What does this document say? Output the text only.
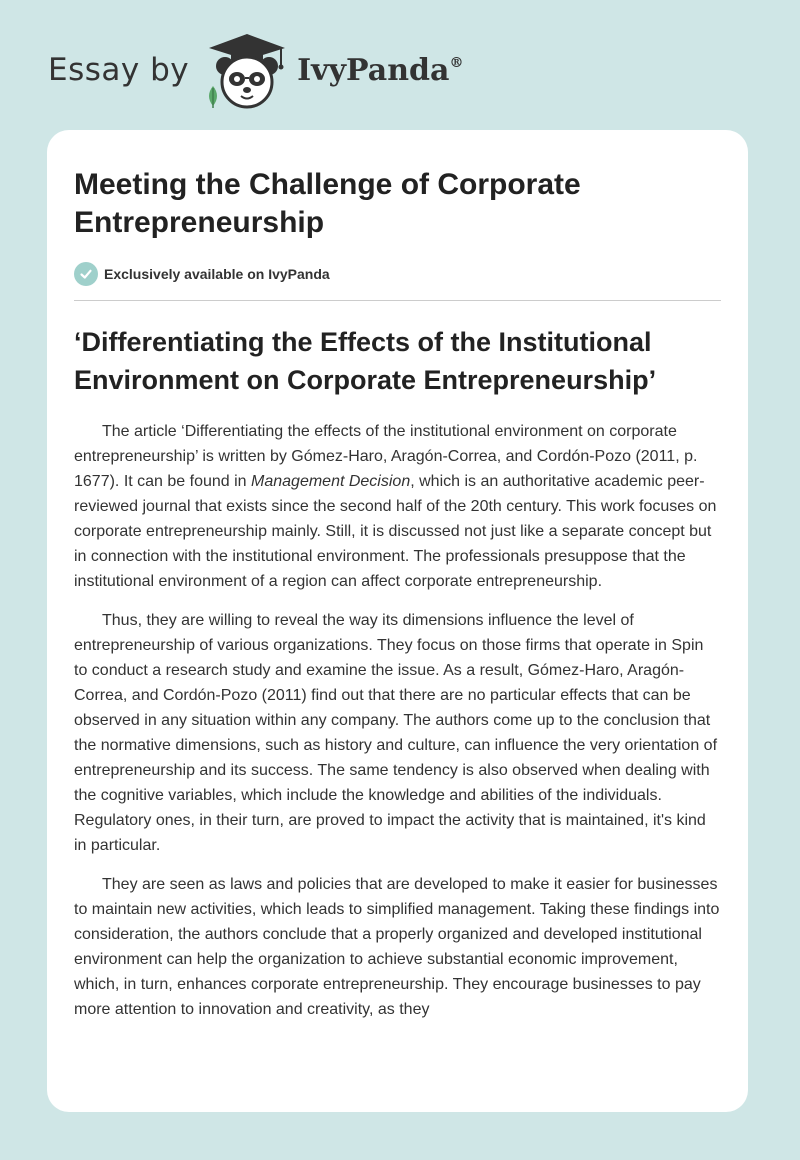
Essay by	IvyPanda®
Meeting the Challenge of Corporate Entrepreneurship
Exclusively available on IvyPanda
‘Differentiating the Effects of the Institutional Environment on Corporate Entrepreneurship’

The article ‘Differentiating the effects of the institutional environment on corporate entrepreneurship’ is written by Gómez-Haro, Aragón-Correa, and Cordón-Pozo (2011, p. 1677). It can be found in Management Decision, which is an authoritative academic peer-reviewed journal that exists since the second half of the 20th century. This work focuses on corporate entrepreneurship mainly. Still, it is discussed not just like a separate concept but in connection with the institutional environment. The professionals presuppose that the institutional environment of a region can affect corporate entrepreneurship.

Thus, they are willing to reveal the way its dimensions influence the level of entrepreneurship of various organizations. They focus on those firms that operate in Spin to conduct a research study and examine the issue. As a result, Gómez-Haro, Aragón-Correa, and Cordón-Pozo (2011) find out that there are no particular effects that can be observed in any situation within any company. The authors come up to the conclusion that the normative dimensions, such as history and culture, can influence the very orientation of entrepreneurship and its success. The same tendency is also observed when dealing with the cognitive variables, which include the knowledge and abilities of the individuals. Regulatory ones, in their turn, are proved to impact the activity that is maintained, it's kind in particular.

They are seen as laws and policies that are developed to make it easier for businesses to maintain new activities, which leads to simplified management. Taking these findings into consideration, the authors conclude that a properly organized and developed institutional environment can help the organization to achieve substantial economic improvement, which, in turn, enhances corporate entrepreneurship. They encourage businesses to pay more attention to innovation and creativity, as they
